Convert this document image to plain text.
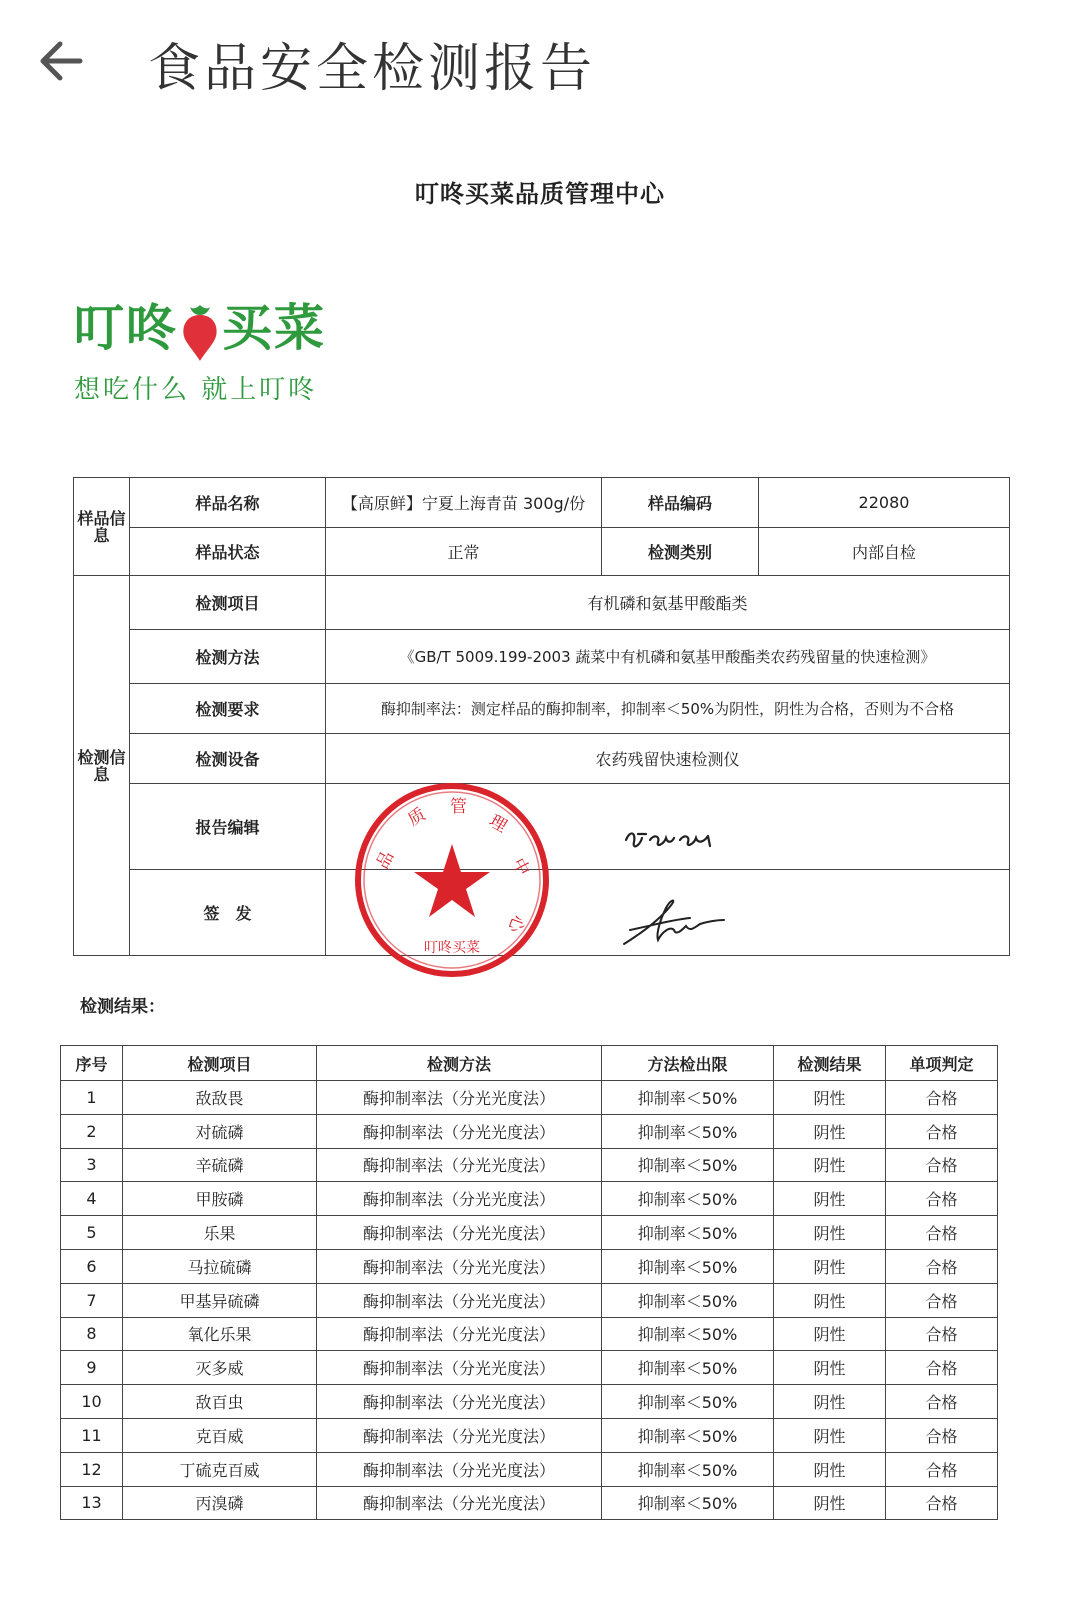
食品安全检测报告
叮咚买菜品质管理中心
叮咚 买菜
想吃什么 就上叮咚
样品信息	样品名称	【高原鲜】宁夏上海青苗 300g/份	样品编码	22080
	样品状态	正常	检测类别	内部自检
检测信息	检测项目	有机磷和氨基甲酸酯类		
	检测方法	《GB/T 5009.199-2003 蔬菜中有机磷和氨基甲酸酯类农药残留量的快速检测》		
	检测要求	酶抑制率法：测定样品的酶抑制率，抑制率＜50%为阴性，阴性为合格，否则为不合格		
	检测设备	农药残留快速检测仪		
	报告编辑			
	签　发			
品
质 管
理
中
心
叮咚买菜
检测结果：
序号	检测项目	检测方法	方法检出限	检测结果	单项判定
1	敌敌畏	酶抑制率法（分光光度法）	抑制率＜50%	阴性	合格
2	对硫磷	酶抑制率法（分光光度法）	抑制率＜50%	阴性	合格
3	辛硫磷	酶抑制率法（分光光度法）	抑制率＜50%	阴性	合格
4	甲胺磷	酶抑制率法（分光光度法）	抑制率＜50%	阴性	合格
5	乐果	酶抑制率法（分光光度法）	抑制率＜50%	阴性	合格
6	马拉硫磷	酶抑制率法（分光光度法）	抑制率＜50%	阴性	合格
7	甲基异硫磷	酶抑制率法（分光光度法）	抑制率＜50%	阴性	合格
8	氧化乐果	酶抑制率法（分光光度法）	抑制率＜50%	阴性	合格
9	灭多威	酶抑制率法（分光光度法）	抑制率＜50%	阴性	合格
10	敌百虫	酶抑制率法（分光光度法）	抑制率＜50%	阴性	合格
11	克百威	酶抑制率法（分光光度法）	抑制率＜50%	阴性	合格
12	丁硫克百威	酶抑制率法（分光光度法）	抑制率＜50%	阴性	合格
13	丙溴磷	酶抑制率法（分光光度法）	抑制率＜50%	阴性	合格
